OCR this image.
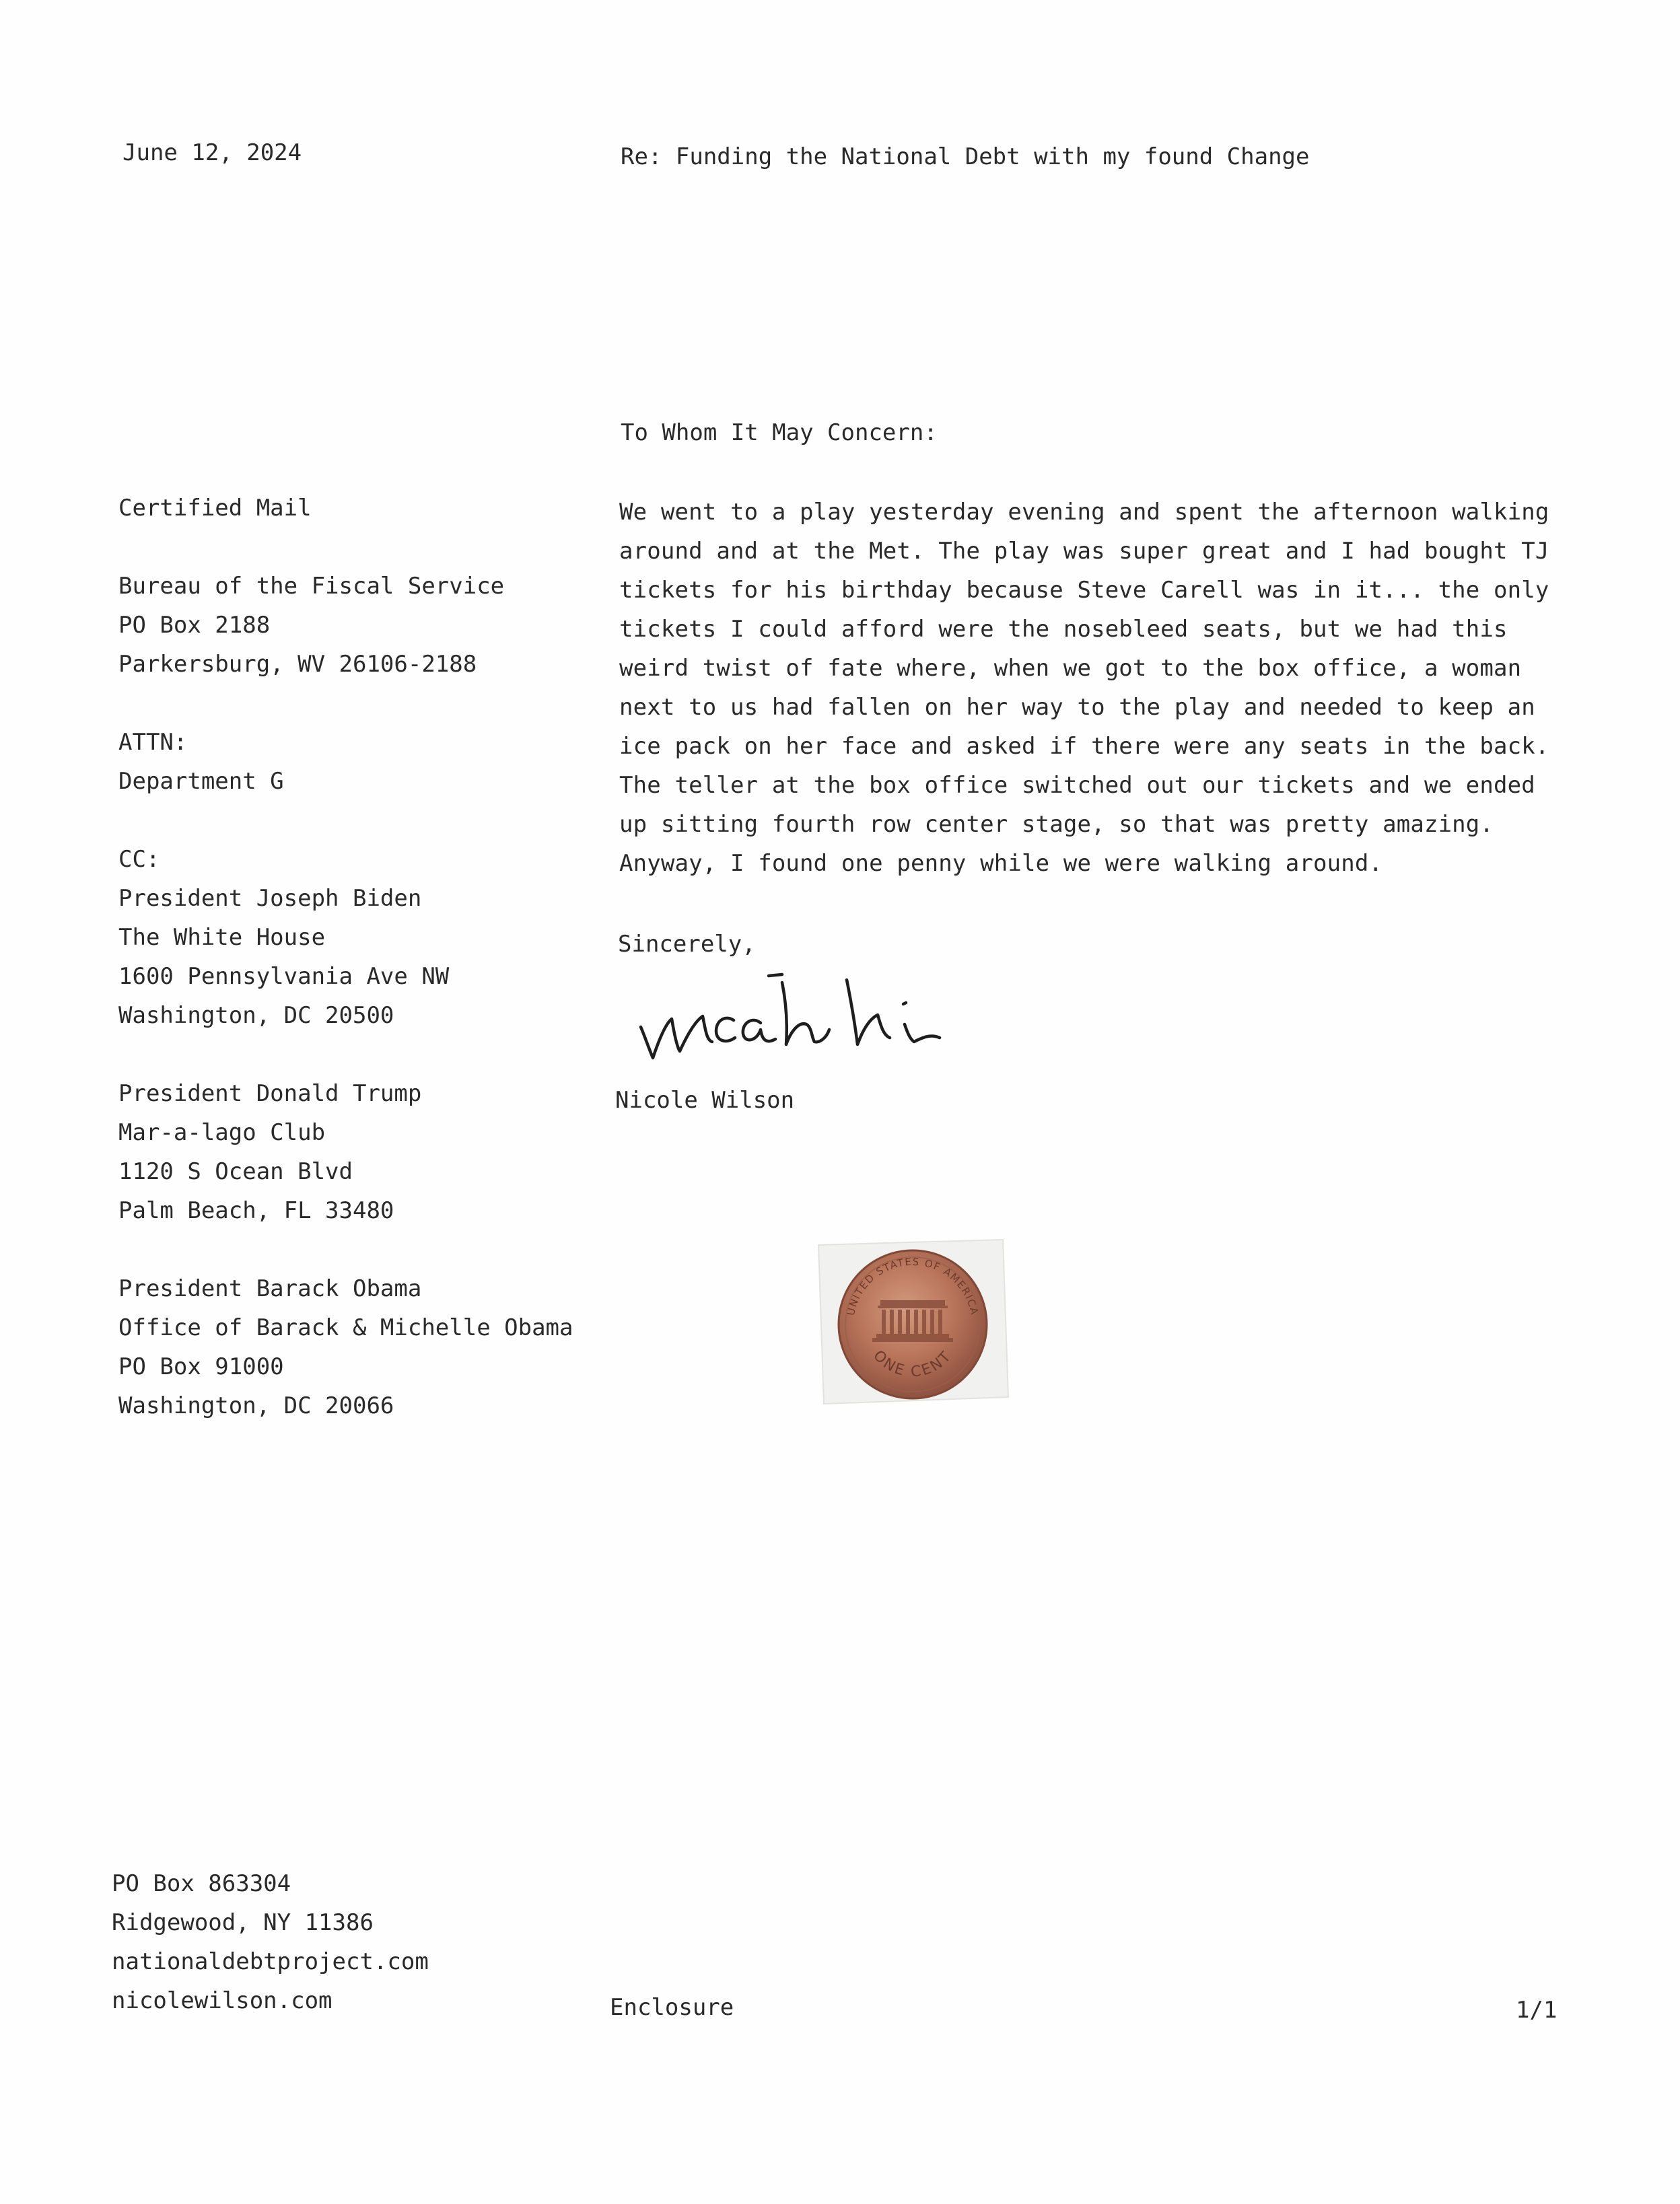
June 12, 2024	Re: Funding the National Debt with my found Change
To Whom It May Concern:
Certified Mail
Bureau of the Fiscal Service
PO Box 2188
Parkersburg, WV 26106-2188
ATTN:
Department G
CC:
President Joseph Biden
The White House
1600 Pennsylvania Ave NW
Washington, DC 20500
President Donald Trump
Mar-a-lago Club
1120 S Ocean Blvd
Palm Beach, FL 33480
President Barack Obama
Office of Barack & Michelle Obama
PO Box 91000
Washington, DC 20066
We went to a play yesterday evening and spent the afternoon walking
around and at the Met. The play was super great and I had bought TJ
tickets for his birthday because Steve Carell was in it... the only
tickets I could afford were the nosebleed seats, but we had this
weird twist of fate where, when we got to the box office, a woman
next to us had fallen on her way to the play and needed to keep an
ice pack on her face and asked if there were any seats in the back.
The teller at the box office switched out our tickets and we ended
up sitting fourth row center stage, so that was pretty amazing.
Anyway, I found one penny while we were walking around.
Sincerely,
Nicole Wilson
UNITED STATES OF AMERICA
ONE CENT
PO Box 863304
Ridgewood, NY 11386
nationaldebtproject.com
nicolewilson.com	Enclosure	1/1
